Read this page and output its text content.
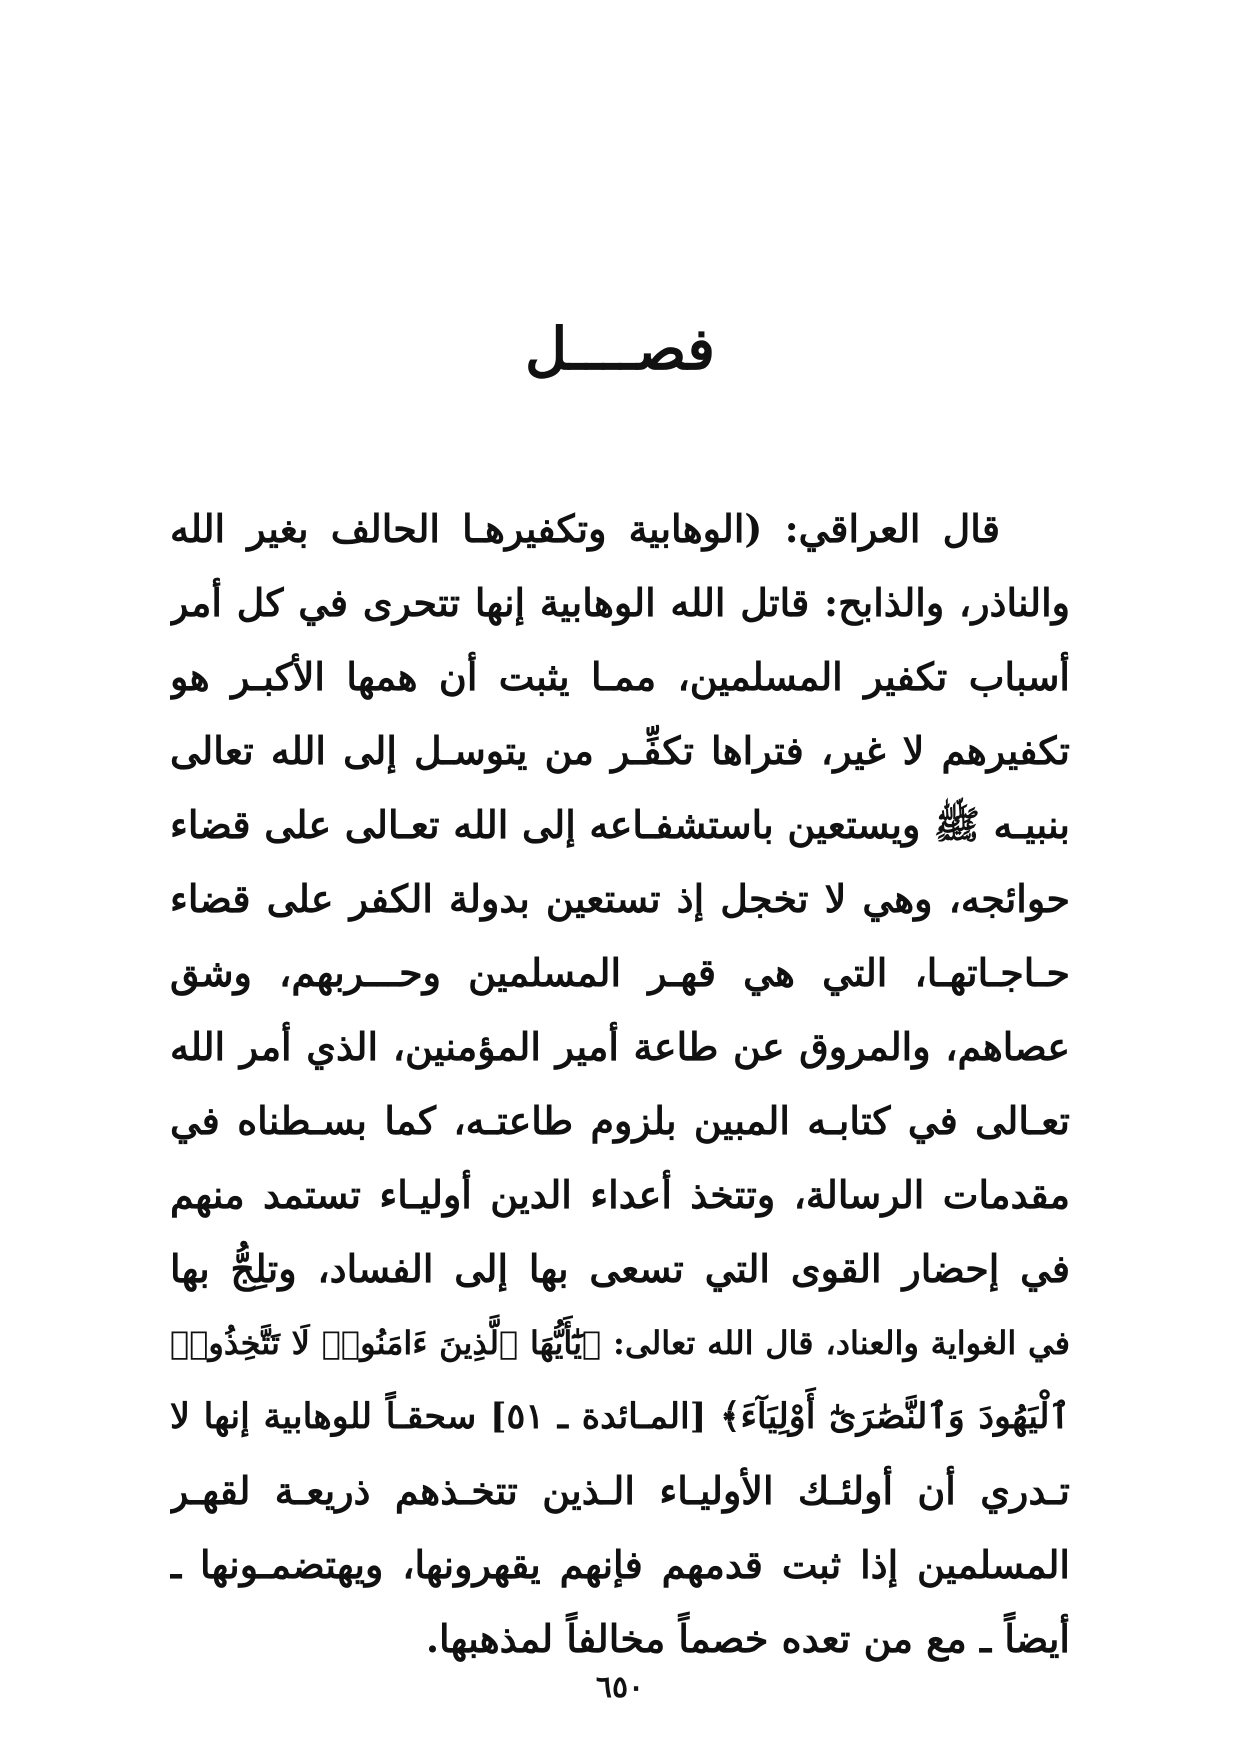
فصــــل
قال العراقي: (الوهابية وتكفيرهـا الحالف بغير الله
والناذر، والذابح: قاتل الله الوهابية إنها تتحرى في كل أمر
أسباب تكفير المسلمين، ممـا يثبت أن همها الأكبـر هو
تكفيرهم لا غير، فتراها تكفِّـر من يتوسـل إلى الله تعالى
بنبيـه ﷺ ويستعين باستشفـاعه إلى الله تعـالى على قضاء
حوائجه، وهي لا تخجل إذ تستعين بدولة الكفر على قضاء
حـاجـاتهـا، التي هي قهـر المسلمين وحـــربهم، وشق
عصاهم، والمروق عن طاعة أمير المؤمنين، الذي أمر الله
تعـالى في كتابـه المبين بلزوم طاعتـه، كما بسـطناه في
مقدمات الرسالة، وتتخذ أعداء الدين أوليـاء تستمد منهم
في إحضار القوى التي تسعى بها إلى الفساد، وتلِجُّ بها
في الغواية والعناد، قال الله تعالى: ﴿يَٰٓأَيُّهَا ٱلَّذِينَ ءَامَنُوا۟ لَا تَتَّخِذُوا۟
ٱلْيَهُودَ وَٱلنَّصَٰرَىٰٓ أَوْلِيَآءَ﴾ [المـائدة ـ ٥١] سحقـاً للوهابية إنها لا
تـدري أن أولئـك الأوليـاء الـذين تتخـذهم ذريعـة لقهـر
المسلمين إذا ثبت قدمهم فإنهم يقهرونها، ويهتضمـونها ـ
أيضاً ـ مع من تعده خصماً مخالفاً لمذهبها.
٦٥٠
